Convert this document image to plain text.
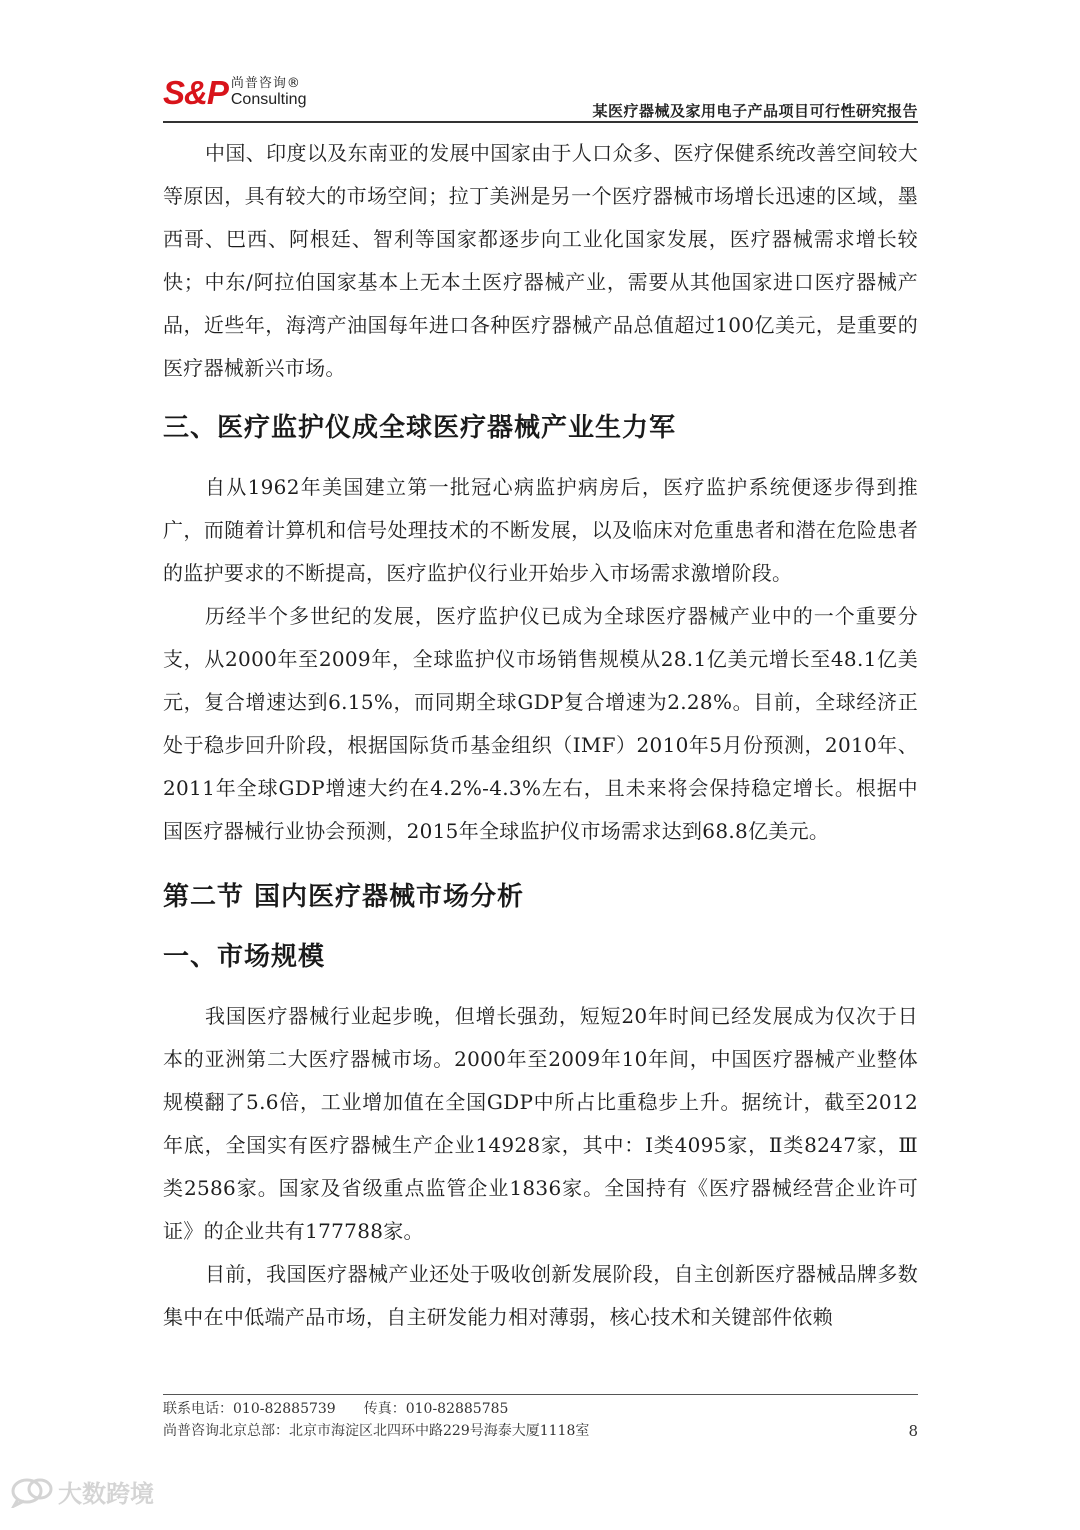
S&P 尚普咨询®
Consulting
某医疗器械及家用电子产品项目可行性研究报告

中国、印度以及东南亚的发展中国家由于人口众多、医疗保健系统改善空间较大等原因，具有较大的市场空间；拉丁美洲是另一个医疗器械市场增长迅速的区域，墨西哥、巴西、阿根廷、智利等国家都逐步向工业化国家发展，医疗器械需求增长较快；中东/阿拉伯国家基本上无本土医疗器械产业，需要从其他国家进口医疗器械产品，近些年，海湾产油国每年进口各种医疗器械产品总值超过100亿美元，是重要的医疗器械新兴市场。

三、医疗监护仪成全球医疗器械产业生力军

自从1962年美国建立第一批冠心病监护病房后，医疗监护系统便逐步得到推广，而随着计算机和信号处理技术的不断发展，以及临床对危重患者和潜在危险患者的监护要求的不断提高，医疗监护仪行业开始步入市场需求激增阶段。

历经半个多世纪的发展，医疗监护仪已成为全球医疗器械产业中的一个重要分支，从2000年至2009年，全球监护仪市场销售规模从28.1亿美元增长至48.1亿美元，复合增速达到6.15%，而同期全球GDP复合增速为2.28%。目前，全球经济正处于稳步回升阶段，根据国际货币基金组织（IMF）2010年5月份预测，2010年、2011年全球GDP增速大约在4.2%-4.3%左右，且未来将会保持稳定增长。根据中国医疗器械行业协会预测，2015年全球监护仪市场需求达到68.8亿美元。

第二节 国内医疗器械市场分析
一、市场规模

我国医疗器械行业起步晚，但增长强劲，短短20年时间已经发展成为仅次于日本的亚洲第二大医疗器械市场。2000年至2009年10年间，中国医疗器械产业整体规模翻了5.6倍，工业增加值在全国GDP中所占比重稳步上升。据统计，截至2012年底，全国实有医疗器械生产企业14928家，其中：Ⅰ类4095家，Ⅱ类8247家，Ⅲ类2586家。国家及省级重点监管企业1836家。全国持有《医疗器械经营企业许可证》的企业共有177788家。

目前，我国医疗器械产业还处于吸收创新发展阶段，自主创新医疗器械品牌多数集中在中低端产品市场，自主研发能力相对薄弱，核心技术和关键部件依赖

联系电话：010-82885739 传真：010-82885785
尚普咨询北京总部：北京市海淀区北四环中路229号海泰大厦1118室	8
大数跨境
